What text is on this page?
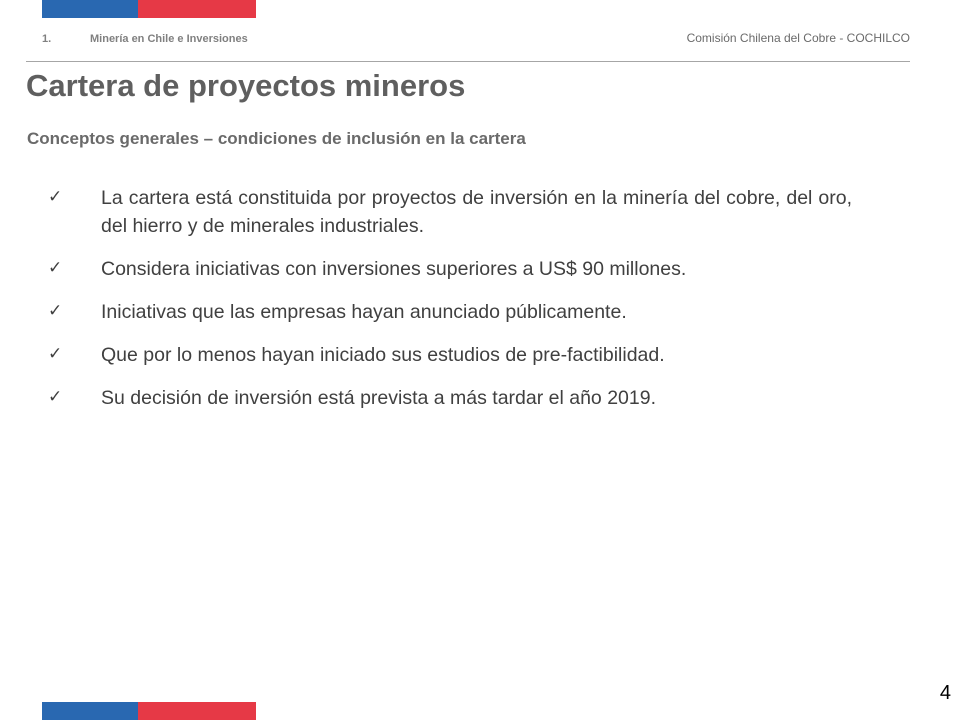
1.	Minería en Chile e Inversiones	Comisión Chilena del Cobre - COCHILCO
Cartera de proyectos mineros
Conceptos generales – condiciones de inclusión en la cartera
✓	La cartera está constituida por proyectos de inversión en la minería del cobre, del oro, del hierro y de minerales industriales.
✓	Considera iniciativas con inversiones superiores a US$ 90 millones.
✓	Iniciativas que las empresas hayan anunciado públicamente.
✓	Que por lo menos hayan iniciado sus estudios de pre-factibilidad.
✓	Su decisión de inversión está prevista a más tardar el año 2019.
4
